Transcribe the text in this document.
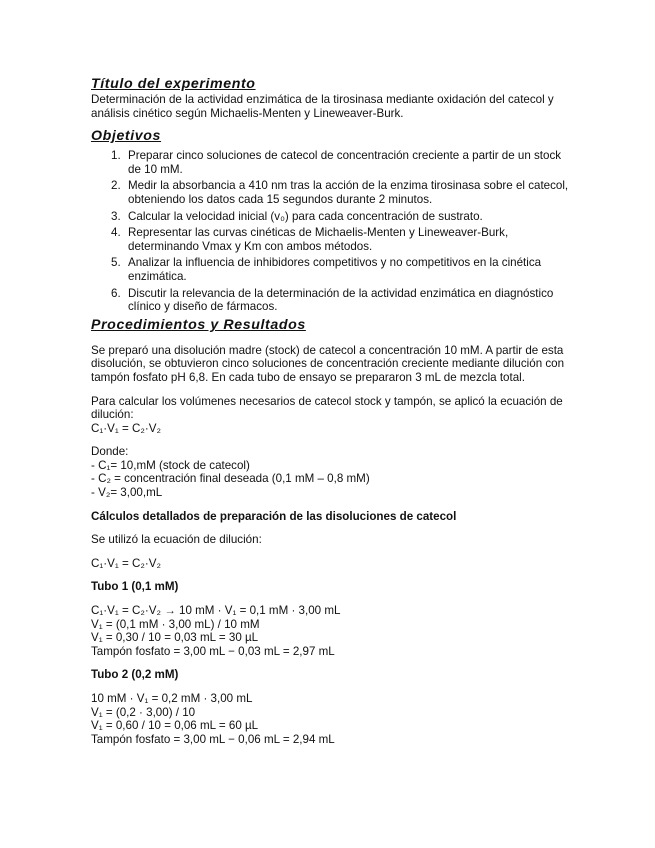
Título del experimento

Determinación de la actividad enzimática de la tirosinasa mediante oxidación del catecol y análisis cinético según Michaelis-Menten y Lineweaver-Burk.

Objetivos
1. Preparar cinco soluciones de catecol de concentración creciente a partir de un stock de 10 mM.
2. Medir la absorbancia a 410 nm tras la acción de la enzima tirosinasa sobre el catecol, obteniendo los datos cada 15 segundos durante 2 minutos.
3. Calcular la velocidad inicial (v₀) para cada concentración de sustrato.
4. Representar las curvas cinéticas de Michaelis-Menten y Lineweaver-Burk, determinando Vmax y Km con ambos métodos.
5. Analizar la influencia de inhibidores competitivos y no competitivos en la cinética enzimática.
6. Discutir la relevancia de la determinación de la actividad enzimática en diagnóstico clínico y diseño de fármacos.
Procedimientos y Resultados

Se preparó una disolución madre (stock) de catecol a concentración 10 mM. A partir de esta disolución, se obtuvieron cinco soluciones de concentración creciente mediante dilución con tampón fosfato pH 6,8. En cada tubo de ensayo se prepararon 3 mL de mezcla total.

Para calcular los volúmenes necesarios de catecol stock y tampón, se aplicó la ecuación de dilución:

C₁·V₁ = C₂·V₂
Donde:
- C₁= 10,mM (stock de catecol)
- C₂ = concentración final deseada (0,1 mM – 0,8 mM)
- V₂= 3,00,mL

Cálculos detallados de preparación de las disoluciones de catecol

Se utilizó la ecuación de dilución:

C₁·V₁ = C₂·V₂

Tubo 1 (0,1 mM)

C₁·V₁ = C₂·V₂ → 10 mM · V₁ = 0,1 mM · 3,00 mL
V₁ = (0,1 mM · 3,00 mL) / 10 mM
V₁ = 0,30 / 10 = 0,03 mL = 30 µL
Tampón fosfato = 3,00 mL − 0,03 mL = 2,97 mL

Tubo 2 (0,2 mM)

10 mM · V₁ = 0,2 mM · 3,00 mL
V₁ = (0,2 · 3,00) / 10
V₁ = 0,60 / 10 = 0,06 mL = 60 µL
Tampón fosfato = 3,00 mL − 0,06 mL = 2,94 mL
